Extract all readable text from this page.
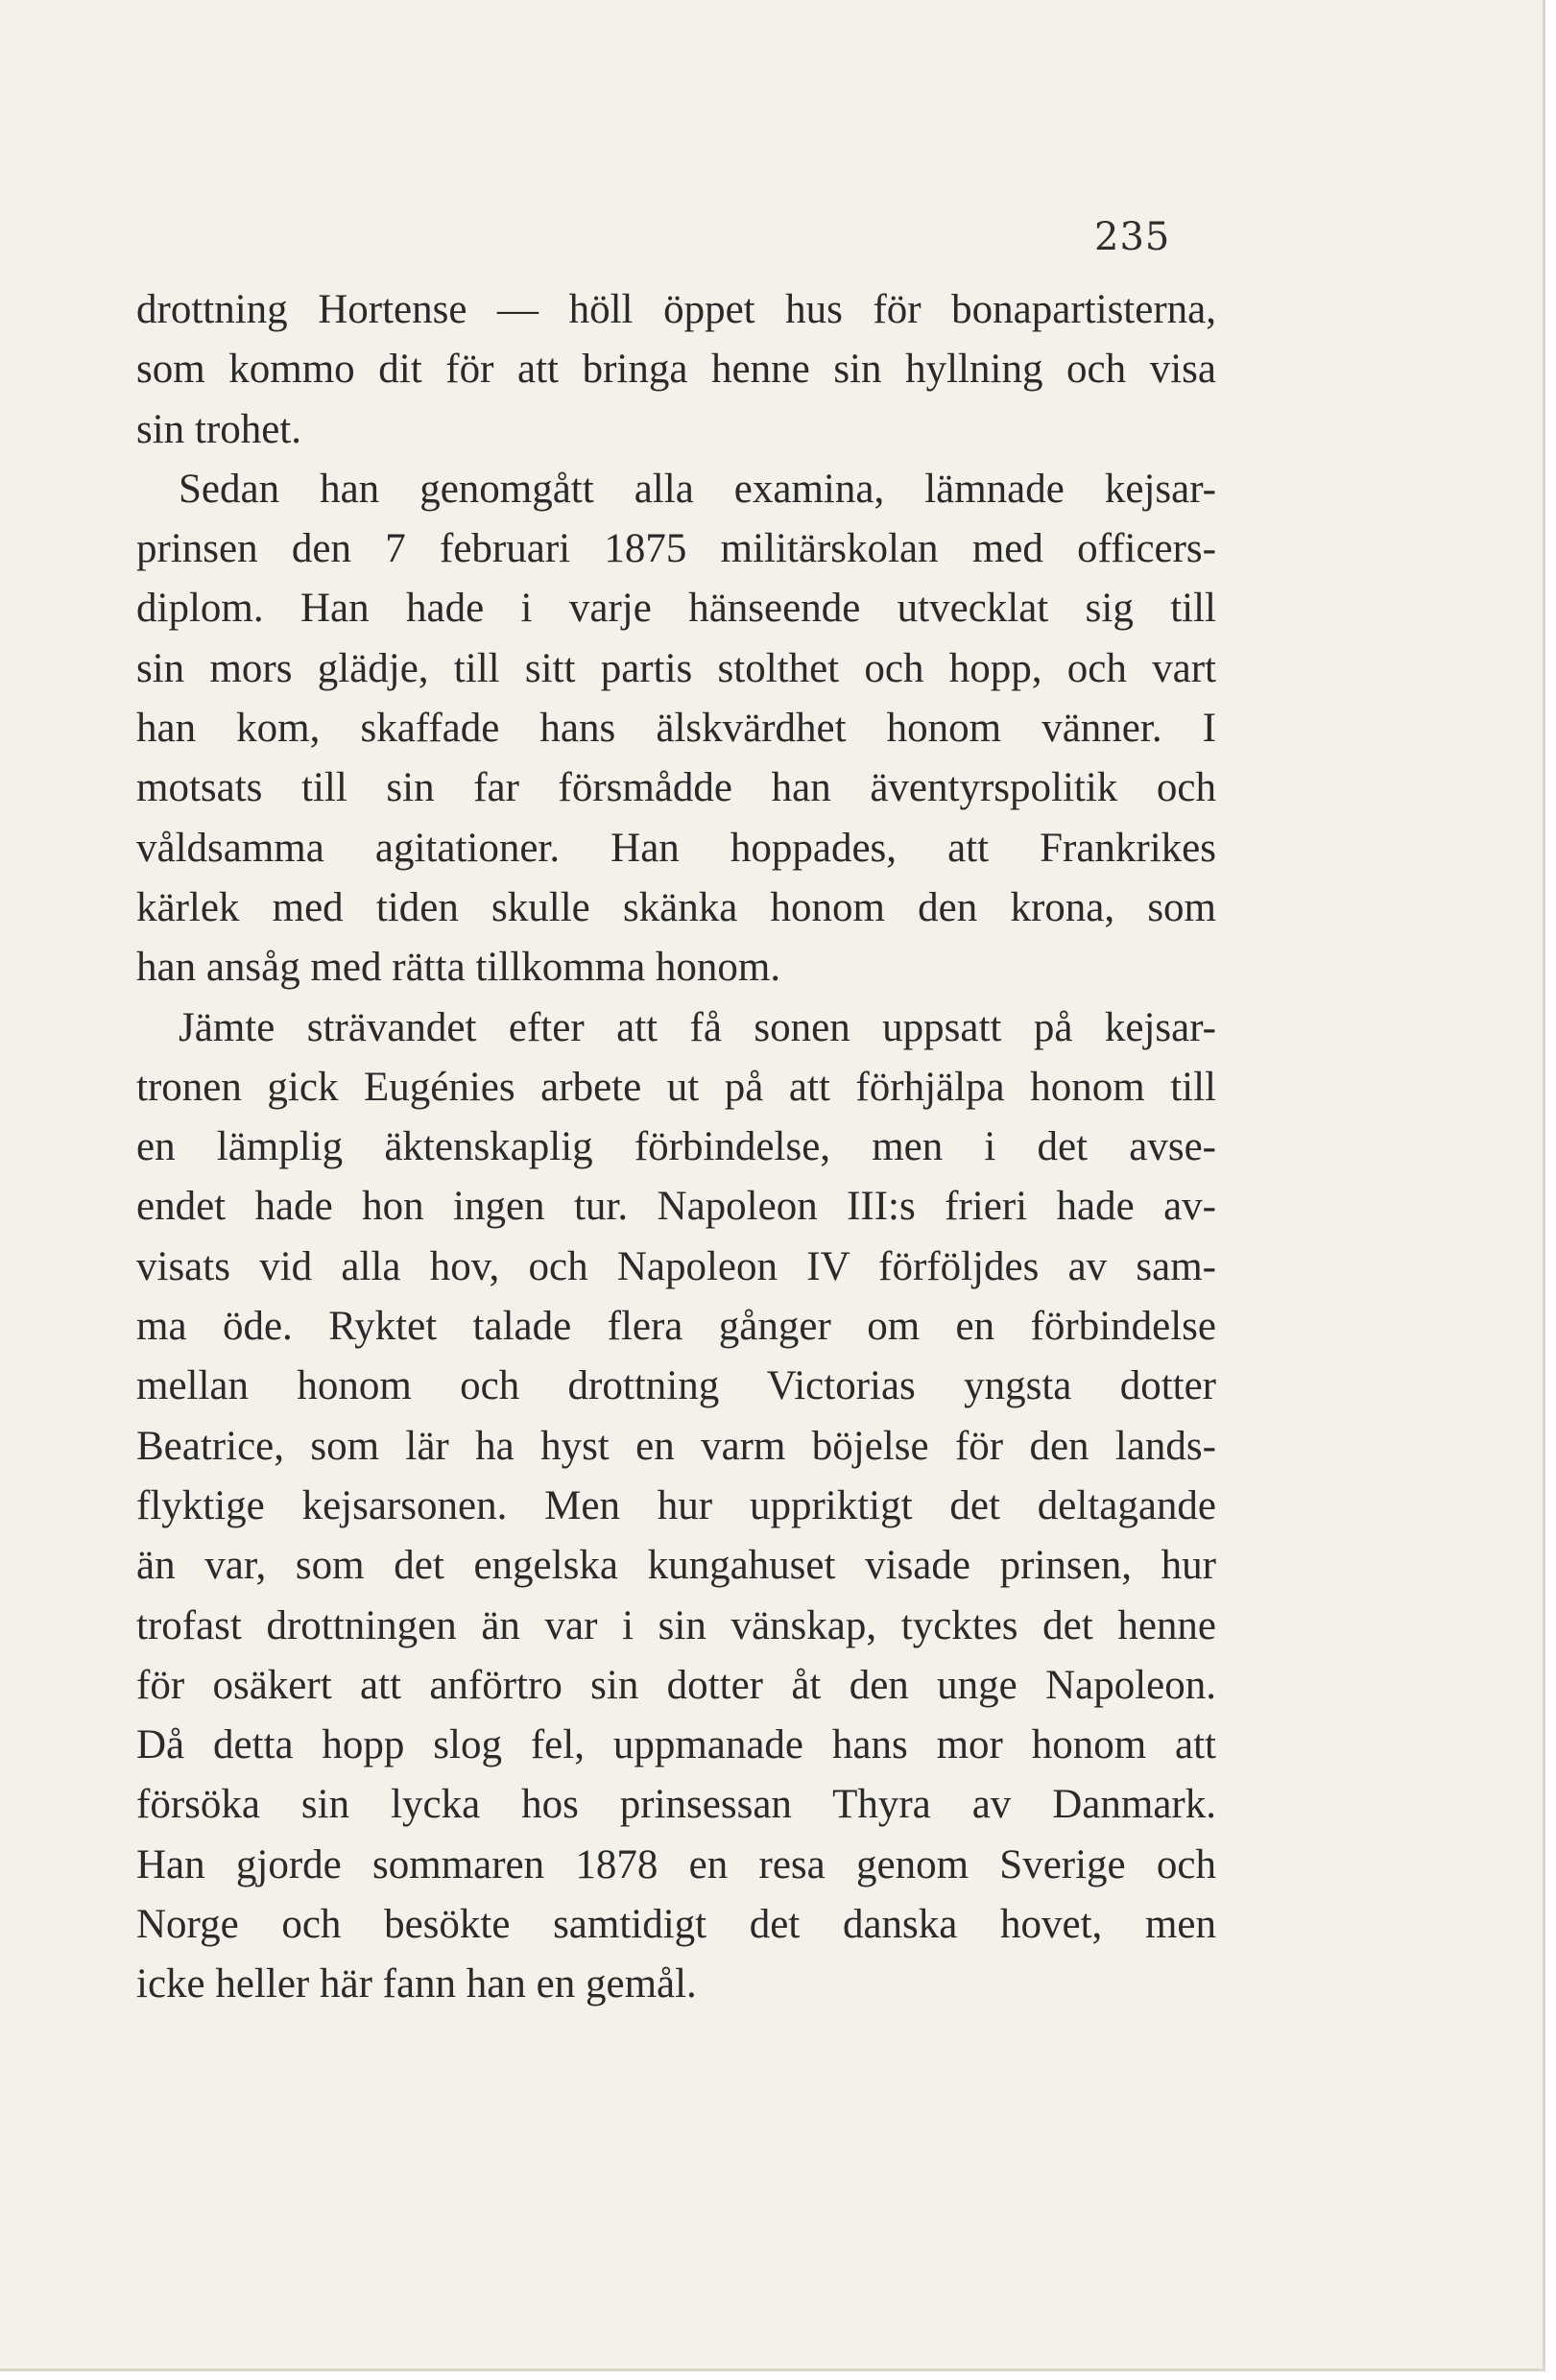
235

drottning Hortense — höll öppet hus för bonapartisterna,
som kommo dit för att bringa henne sin hyllning och visa
sin trohet.

Sedan han genomgått alla examina, lämnade kejsar-
prinsen den 7 februari 1875 militärskolan med officers-
diplom. Han hade i varje hänseende utvecklat sig till
sin mors glädje, till sitt partis stolthet och hopp, och vart
han kom, skaffade hans älskvärdhet honom vänner. I
motsats till sin far försmådde han äventyrspolitik och
våldsamma agitationer. Han hoppades, att Frankrikes
kärlek med tiden skulle skänka honom den krona, som
han ansåg med rätta tillkomma honom.

Jämte strävandet efter att få sonen uppsatt på kejsar-
tronen gick Eugénies arbete ut på att förhjälpa honom till
en lämplig äktenskaplig förbindelse, men i det avse-
endet hade hon ingen tur. Napoleon III:s frieri hade av-
visats vid alla hov, och Napoleon IV förföljdes av sam-
ma öde. Ryktet talade flera gånger om en förbindelse
mellan honom och drottning Victorias yngsta dotter
Beatrice, som lär ha hyst en varm böjelse för den lands-
flyktige kejsarsonen. Men hur uppriktigt det deltagande
än var, som det engelska kungahuset visade prinsen, hur
trofast drottningen än var i sin vänskap, tycktes det henne
för osäkert att anförtro sin dotter åt den unge Napoleon.
Då detta hopp slog fel, uppmanade hans mor honom att
försöka sin lycka hos prinsessan Thyra av Danmark.
Han gjorde sommaren 1878 en resa genom Sverige och
Norge och besökte samtidigt det danska hovet, men
icke heller här fann han en gemål.
